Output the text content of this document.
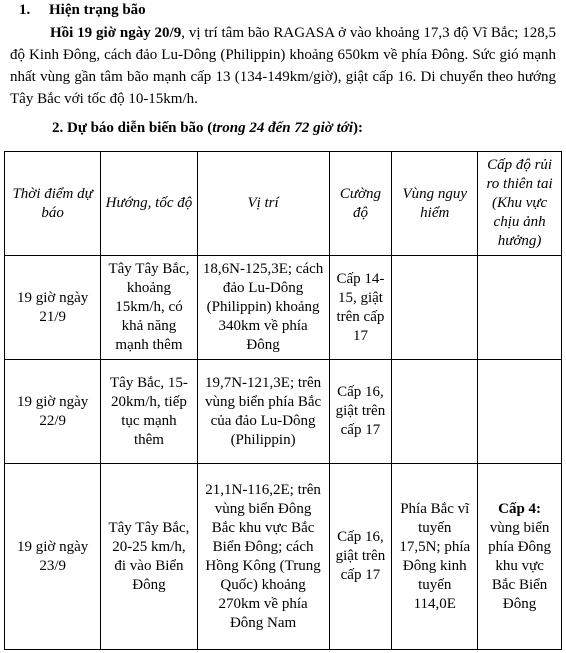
1. Hiện trạng bão
Hồi 19 giờ ngày 20/9, vị trí tâm bão RAGASA ở vào khoảng 17,3 độ Vĩ Bắc; 128,5 độ Kinh Đông, cách đảo Lu-Dông (Philippin) khoảng 650km về phía Đông. Sức gió mạnh nhất vùng gần tâm bão mạnh cấp 13 (134-149km/giờ), giật cấp 16. Di chuyển theo hướng Tây Bắc với tốc độ 10-15km/h.
2. Dự báo diễn biến bão (trong 24 đến 72 giờ tới):
Thời điểm dự báo	Hướng, tốc độ	Vị trí	Cường độ	Vùng nguy hiểm	Cấp độ rủi ro thiên tai (Khu vực chịu ảnh hưởng)
19 giờ ngày 21/9	Tây Tây Bắc, khoảng 15km/h, có khả năng mạnh thêm	18,6N-125,3E; cách đảo Lu-Dông (Philippin) khoảng 340km về phía Đông	Cấp 14-15, giật trên cấp 17		
19 giờ ngày 22/9	Tây Bắc, 15-20km/h, tiếp tục mạnh thêm	19,7N-121,3E; trên vùng biển phía Bắc của đảo Lu-Dông (Philippin)	Cấp 16, giật trên cấp 17		
19 giờ ngày 23/9	Tây Tây Bắc, 20-25 km/h, đi vào Biển Đông	21,1N-116,2E; trên vùng biển Đông Bắc khu vực Bắc Biển Đông; cách Hồng Kông (Trung Quốc) khoảng 270km về phía Đông Nam	Cấp 16, giật trên cấp 17	Phía Bắc vĩ tuyến 17,5N; phía Đông kinh tuyến 114,0E	Cấp 4: vùng biển phía Đông khu vực Bắc Biển Đông
